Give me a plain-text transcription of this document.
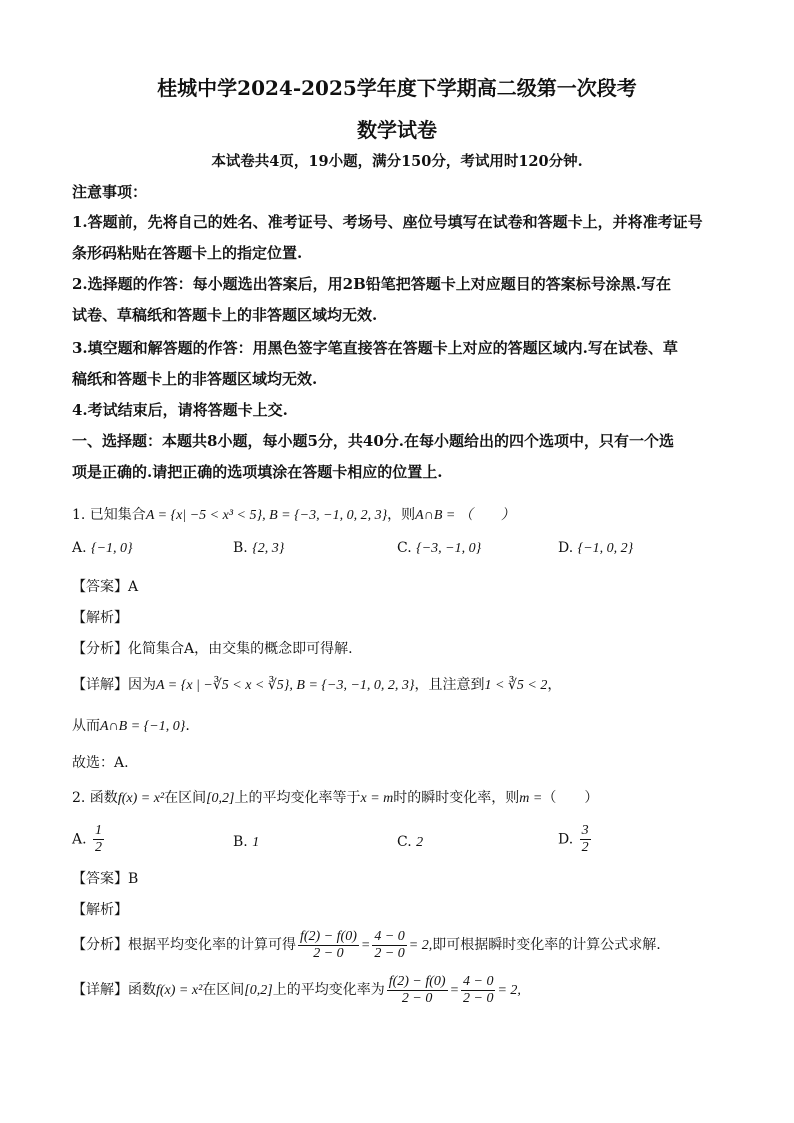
桂城中学2024-2025学年度下学期高二级第一次段考
数学试卷
本试卷共4页，19小题，满分150分，考试用时120分钟.
注意事项：
1.答题前，先将自己的姓名、准考证号、考场号、座位号填写在试卷和答题卡上，并将准考证号
条形码粘贴在答题卡上的指定位置.
2.选择题的作答：每小题选出答案后，用2B铅笔把答题卡上对应题目的答案标号涂黑.写在
试卷、草稿纸和答题卡上的非答题区域均无效.
3.填空题和解答题的作答：用黑色签字笔直接答在答题卡上对应的答题区域内.写在试卷、草
稿纸和答题卡上的非答题区域均无效.
4.考试结束后，请将答题卡上交.
一、选择题：本题共8小题，每小题5分，共40分.在每小题给出的四个选项中，只有一个选
项是正确的.请把正确的选项填涂在答题卡相应的位置上.
1. 已知集合A = {x| −5 < x³ < 5}, B = {−3, −1, 0, 2, 3}，则A∩B = （　　）
A. {−1, 0}	B. {2, 3}	C. {−3, −1, 0}	D. {−1, 0, 2}
【答案】A
【解析】
【分析】化简集合A，由交集的概念即可得解.
【详解】因为A = {x | −∛5 < x < ∛5}, B = {−3, −1, 0, 2, 3}，且注意到1 < ∛5 < 2，
从而A∩B = {−1, 0}.
故选：A.
2. 函数f(x) = x²在区间[0,2]上的平均变化率等于x = m时的瞬时变化率，则m =（　　）
A. $\frac{1}{2}$	B. 1	C. 2	D. $\frac{3}{2}$
【答案】B
【解析】
【分析】根据平均变化率的计算可得 $\frac{f(2) - f(0)}{2 - 0} = \frac{4 - 0}{2 - 0} = 2$,即可根据瞬时变化率的计算公式求解.
【详解】函数f(x) = x²在区间[0,2]上的平均变化率为 $\frac{f(2) - f(0)}{2 - 0} = \frac{4 - 0}{2 - 0} = 2$,
